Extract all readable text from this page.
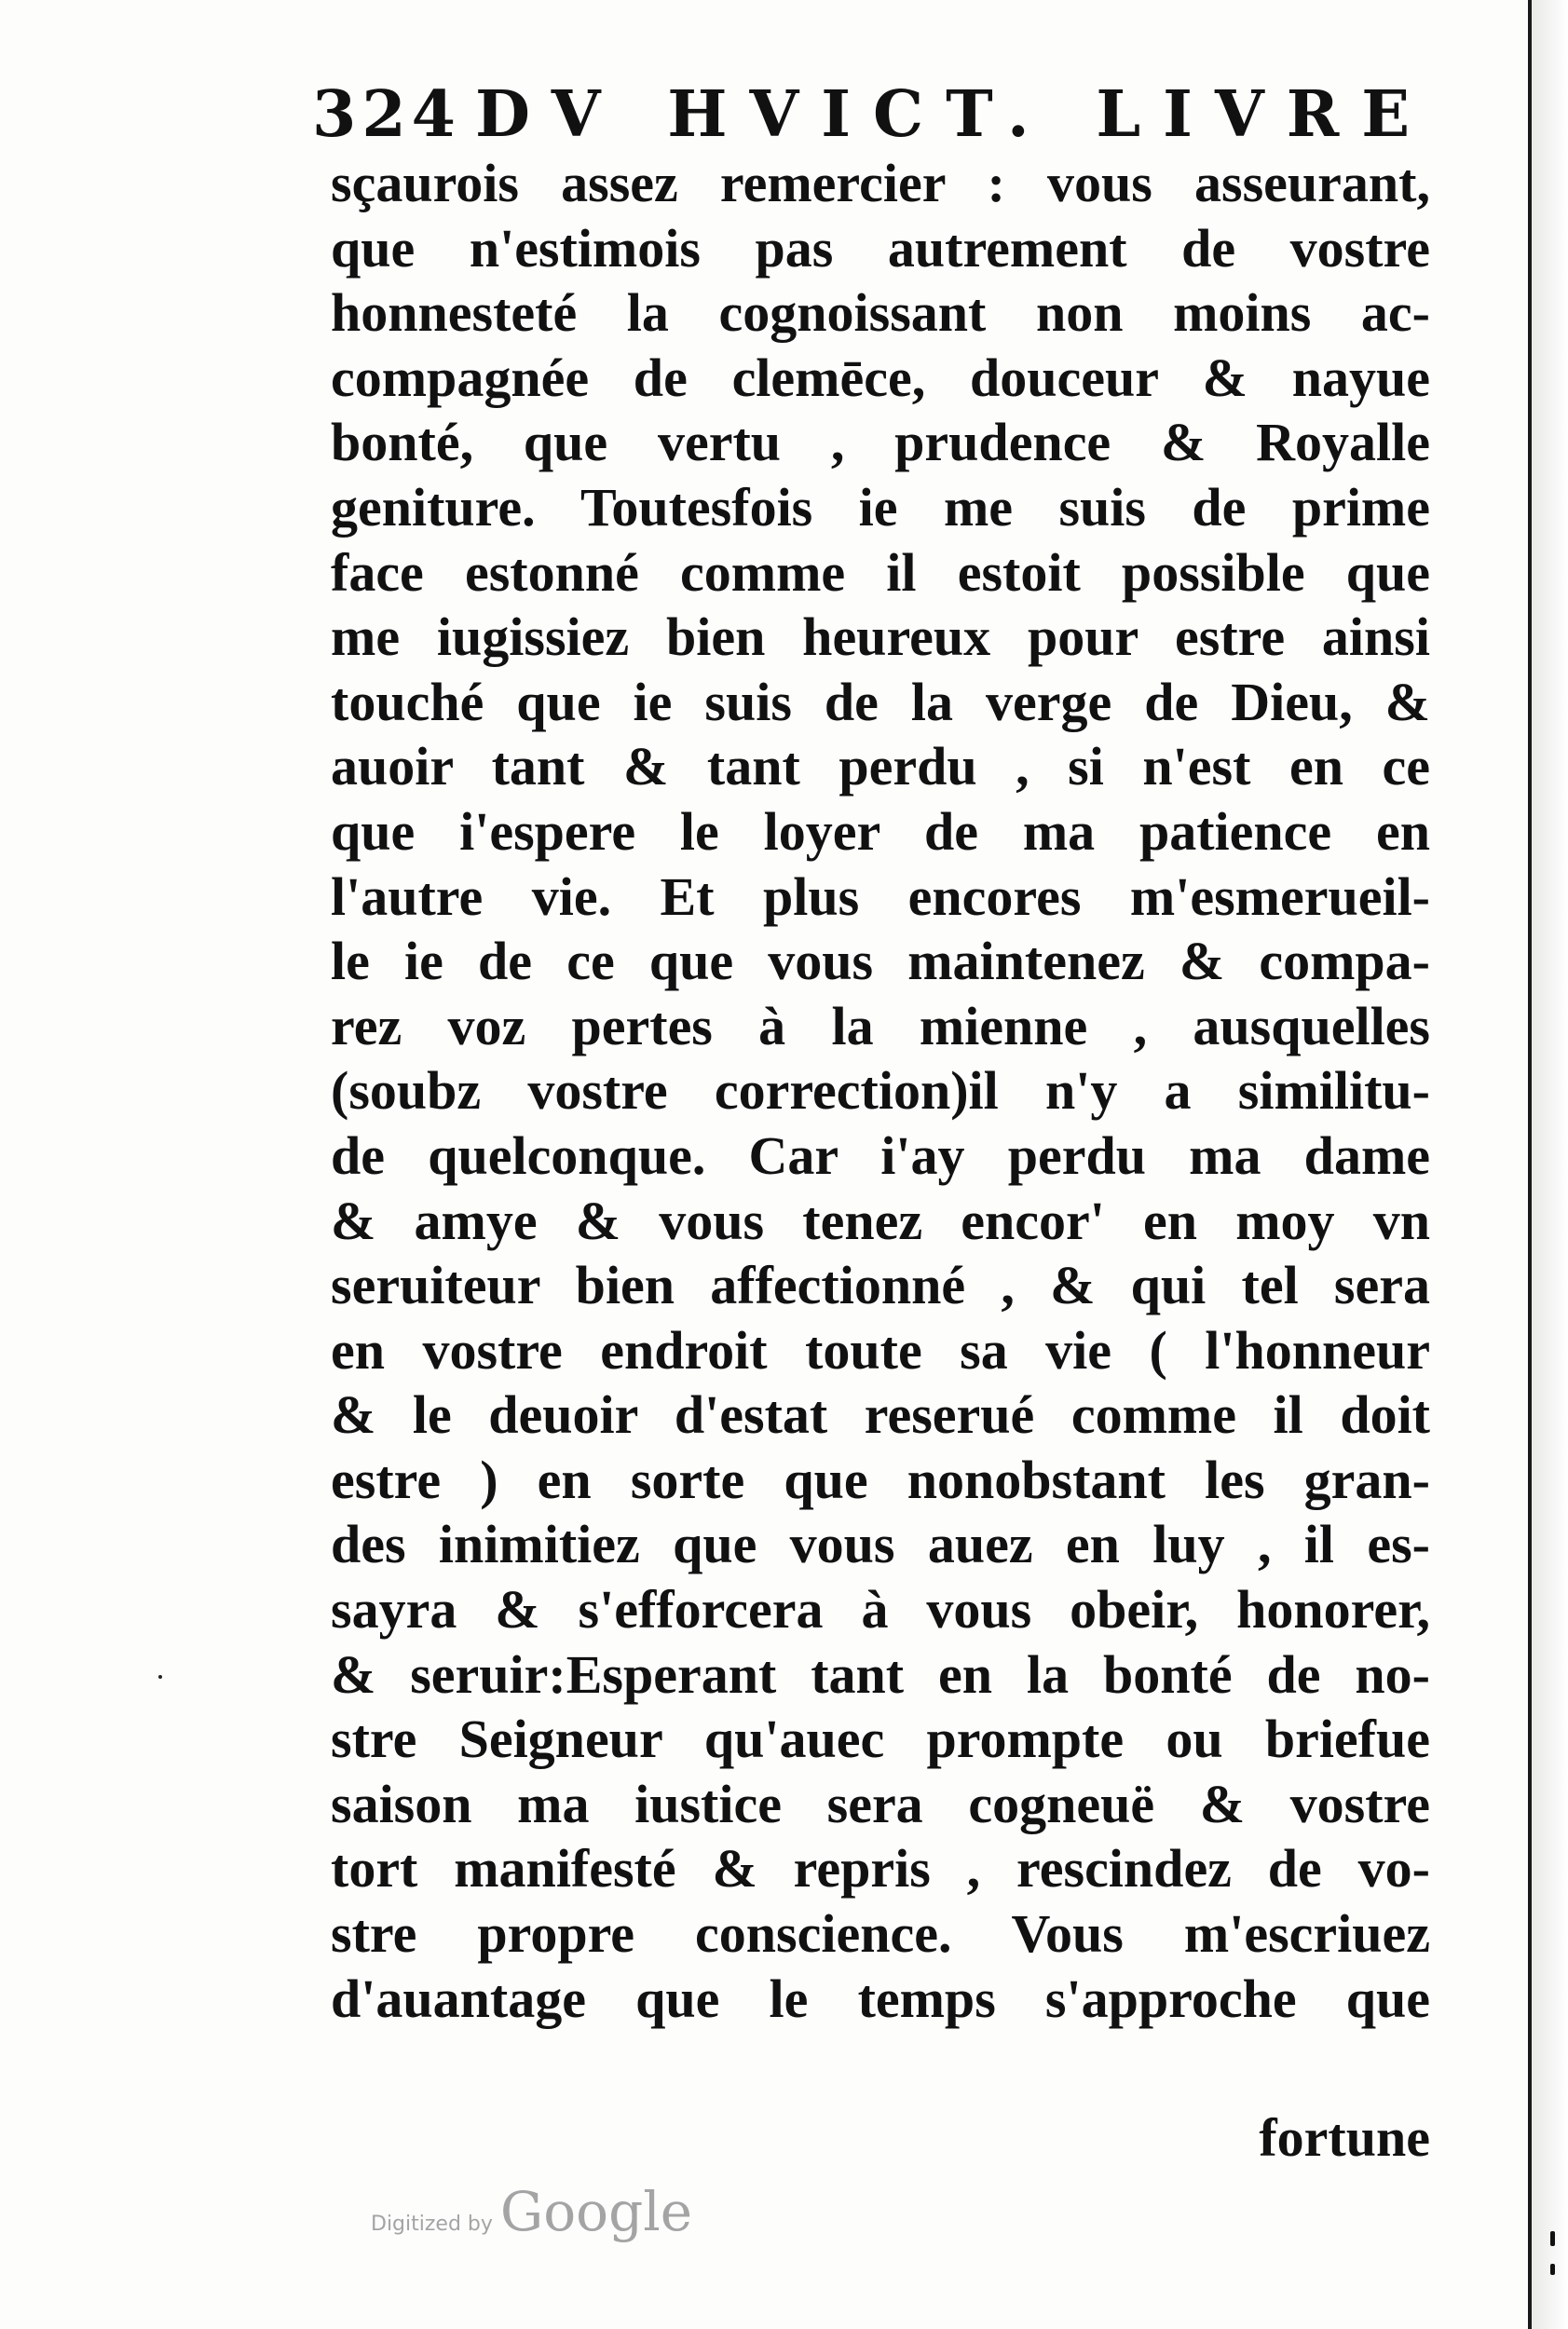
324 DV HVICT. LIVRE
sçaurois assez remercier : vous asseurant,
que n'estimois pas autrement de vostre
honnesteté la cognoissant non moins ac-
compagnée de clemēce, douceur & nayue
bonté, que vertu , prudence & Royalle
geniture. Toutesfois ie me suis de prime
face estonné comme il estoit possible que
me iugissiez bien heureux pour estre ainsi
touché que ie suis de la verge de Dieu, &
auoir tant & tant perdu , si n'est en ce
que i'espere le loyer de ma patience en
l'autre vie. Et plus encores m'esmerueil-
le ie de ce que vous maintenez & compa-
rez voz pertes à la mienne , ausquelles
(soubz vostre correction)il n'y a similitu-
de quelconque. Car i'ay perdu ma dame
& amye & vous tenez encor' en moy vn
seruiteur bien affectionné , & qui tel sera
en vostre endroit toute sa vie ( l'honneur
& le deuoir d'estat reserué comme il doit
estre ) en sorte que nonobstant les gran-
des inimitiez que vous auez en luy , il es-
sayra & s'efforcera à vous obeir, honorer,
& seruir:Esperant tant en la bonté de no-
stre Seigneur qu'auec prompte ou briefue
saison ma iustice sera cogneuë & vostre
tort manifesté & repris , rescindez de vo-
stre propre conscience. Vous m'escriuez
d'auantage que le temps s'approche que
fortune
Digitized by Google
